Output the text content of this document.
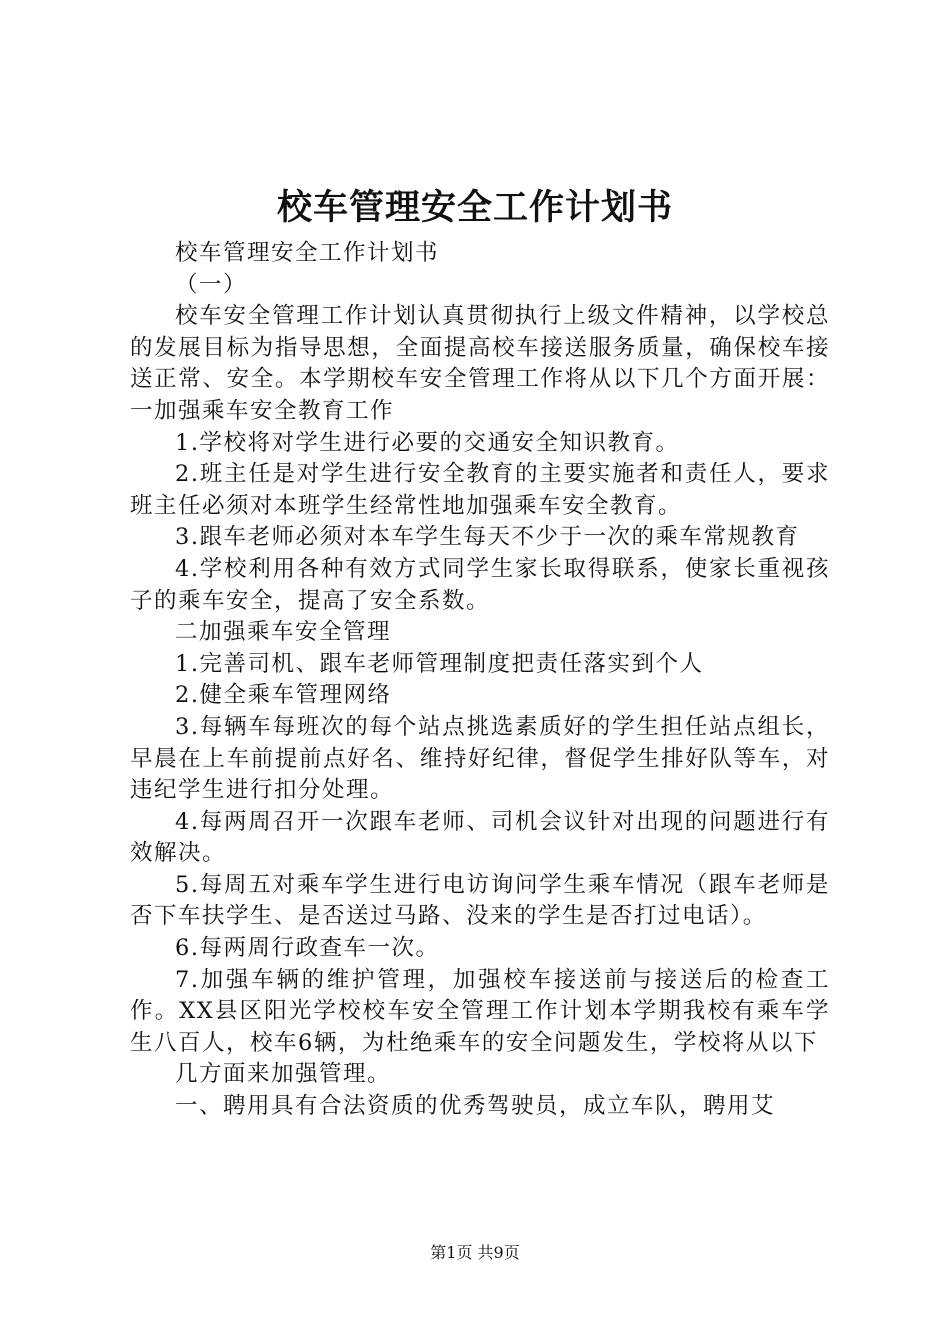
校车管理安全工作计划书

校车管理安全工作计划书

（一）

校车安全管理工作计划认真贯彻执行上级文件精神，以学校总的发展目标为指导思想，全面提高校车接送服务质量，确保校车接送正常、安全。本学期校车安全管理工作将从以下几个方面开展：一加强乘车安全教育工作

1.学校将对学生进行必要的交通安全知识教育。

2.班主任是对学生进行安全教育的主要实施者和责任人，要求班主任必须对本班学生经常性地加强乘车安全教育。

3.跟车老师必须对本车学生每天不少于一次的乘车常规教育

4.学校利用各种有效方式同学生家长取得联系，使家长重视孩子的乘车安全，提高了安全系数。

二加强乘车安全管理

1.完善司机、跟车老师管理制度把责任落实到个人

2.健全乘车管理网络

3.每辆车每班次的每个站点挑选素质好的学生担任站点组长，早晨在上车前提前点好名、维持好纪律，督促学生排好队等车，对违纪学生进行扣分处理。

4.每两周召开一次跟车老师、司机会议针对出现的问题进行有效解决。

5.每周五对乘车学生进行电访询问学生乘车情况（跟车老师是否下车扶学生、是否送过马路、没来的学生是否打过电话）。

6.每两周行政查车一次。

7.加强车辆的维护管理，加强校车接送前与接送后的检查工作。XX县区阳光学校校车安全管理工作计划本学期我校有乘车学生八百人，校车6辆，为杜绝乘车的安全问题发生，学校将从以下

几方面来加强管理。

一、聘用具有合法资质的优秀驾驶员，成立车队，聘用艾

第1页 共9页
